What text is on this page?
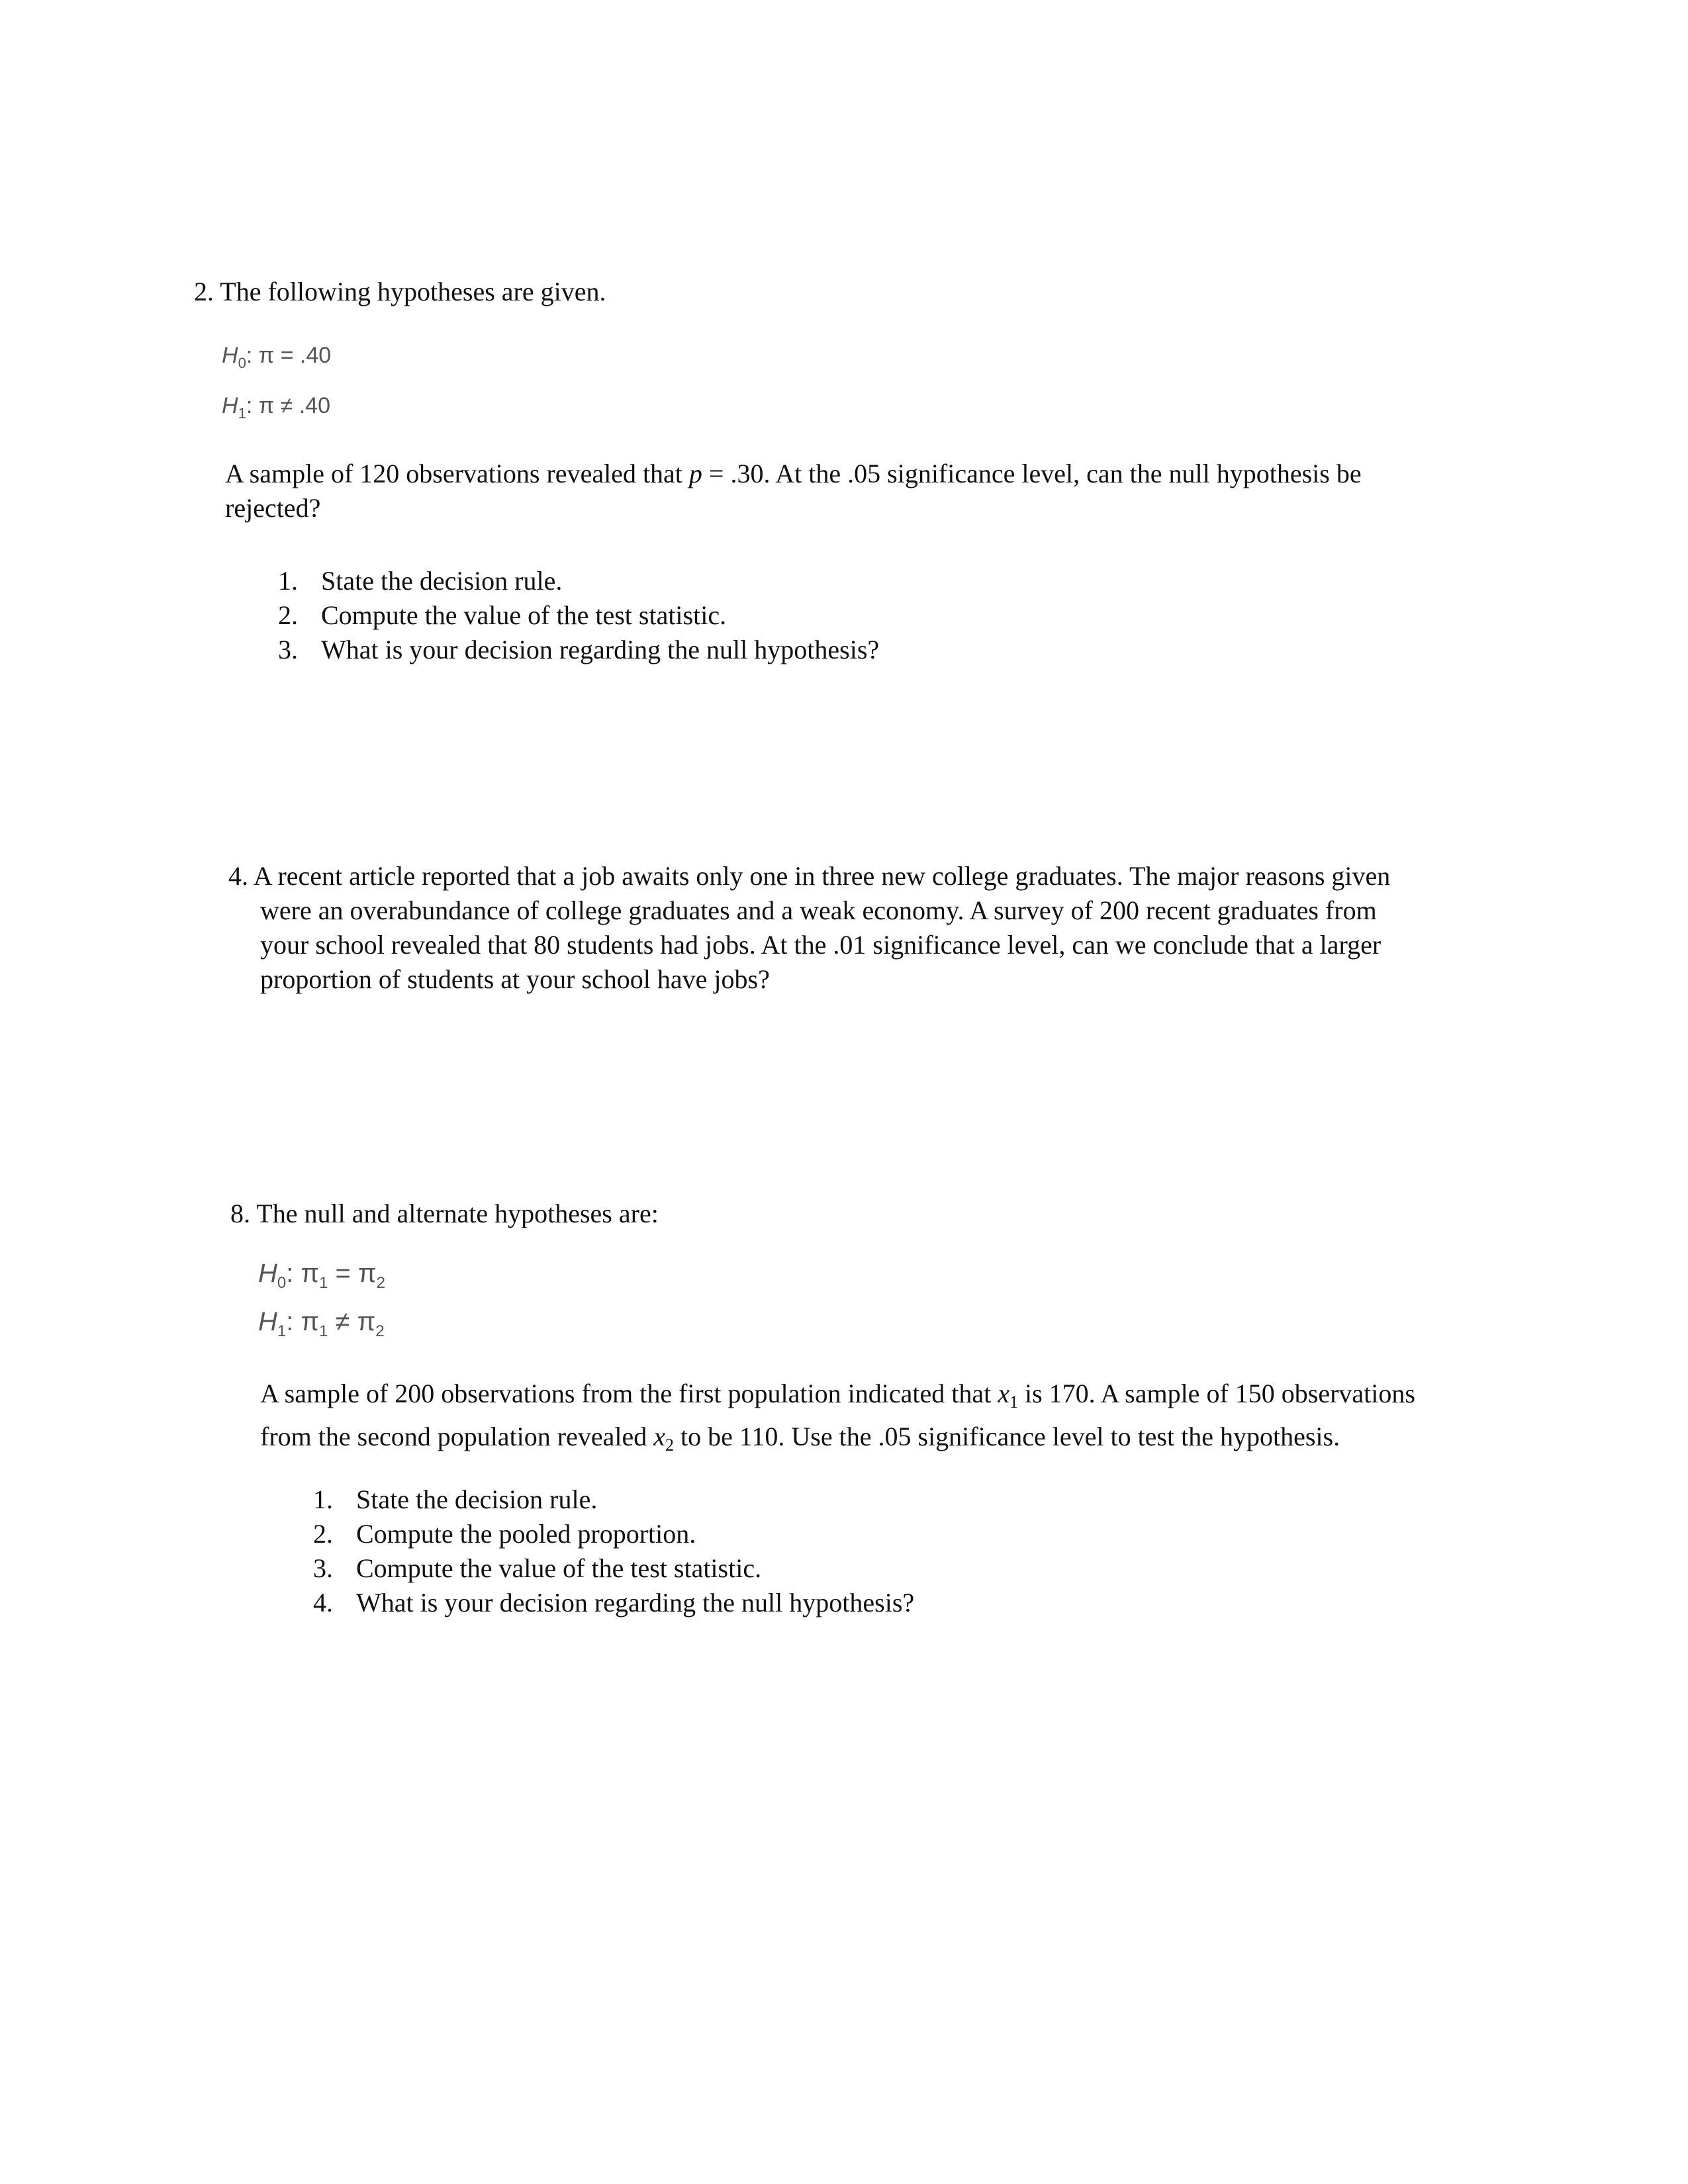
2. The following hypotheses are given.
$H_0$: π = .40
$H_1$: π ≠ .40
A sample of 120 observations revealed that p = .30. At the .05 significance level, can the null hypothesis be
rejected?
1. State the decision rule.
2. Compute the value of the test statistic.
3. What is your decision regarding the null hypothesis?
4. A recent article reported that a job awaits only one in three new college graduates. The major reasons given
were an overabundance of college graduates and a weak economy. A survey of 200 recent graduates from
your school revealed that 80 students had jobs. At the .01 significance level, can we conclude that a larger
proportion of students at your school have jobs?
8. The null and alternate hypotheses are:
$H_0$: $\pi_1 = \pi_2$
$H_1$: $\pi_1 \ne \pi_2$
A sample of 200 observations from the first population indicated that $x_1$ is 170. A sample of 150 observations
from the second population revealed $x_2$ to be 110. Use the .05 significance level to test the hypothesis.
1. State the decision rule.
2. Compute the pooled proportion.
3. Compute the value of the test statistic.
4. What is your decision regarding the null hypothesis?
